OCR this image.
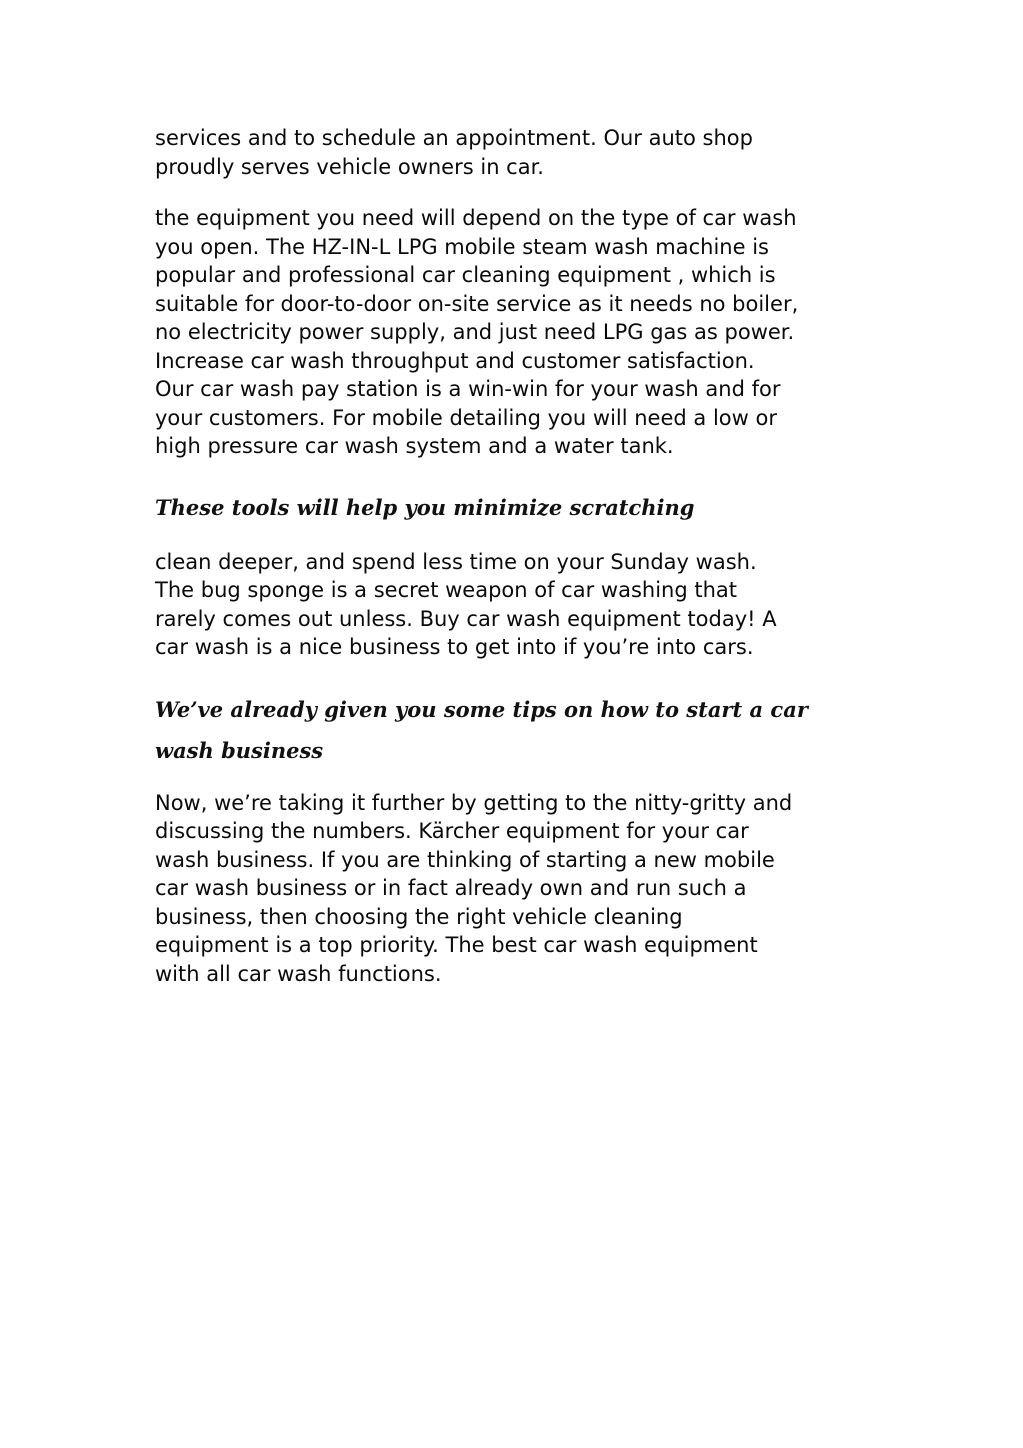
services and to schedule an appointment. Our auto shop
proudly serves vehicle owners in car.

the equipment you need will depend on the type of car wash
you open. The HZ-IN-L LPG mobile steam wash machine is
popular and professional car cleaning equipment , which is
suitable for door-to-door on-site service as it needs no boiler,
no electricity power supply, and just need LPG gas as power.
Increase car wash throughput and customer satisfaction.
Our car wash pay station is a win-win for your wash and for
your customers. For mobile detailing you will need a low or
high pressure car wash system and a water tank.

These tools will help you minimize scratching

clean deeper, and spend less time on your Sunday wash.
The bug sponge is a secret weapon of car washing that
rarely comes out unless. Buy car wash equipment today! A
car wash is a nice business to get into if you’re into cars.

We’ve already given you some tips on how to start a car
wash business

Now, we’re taking it further by getting to the nitty-gritty and
discussing the numbers. Kärcher equipment for your car
wash business. If you are thinking of starting a new mobile
car wash business or in fact already own and run such a
business, then choosing the right vehicle cleaning
equipment is a top priority. The best car wash equipment
with all car wash functions.
